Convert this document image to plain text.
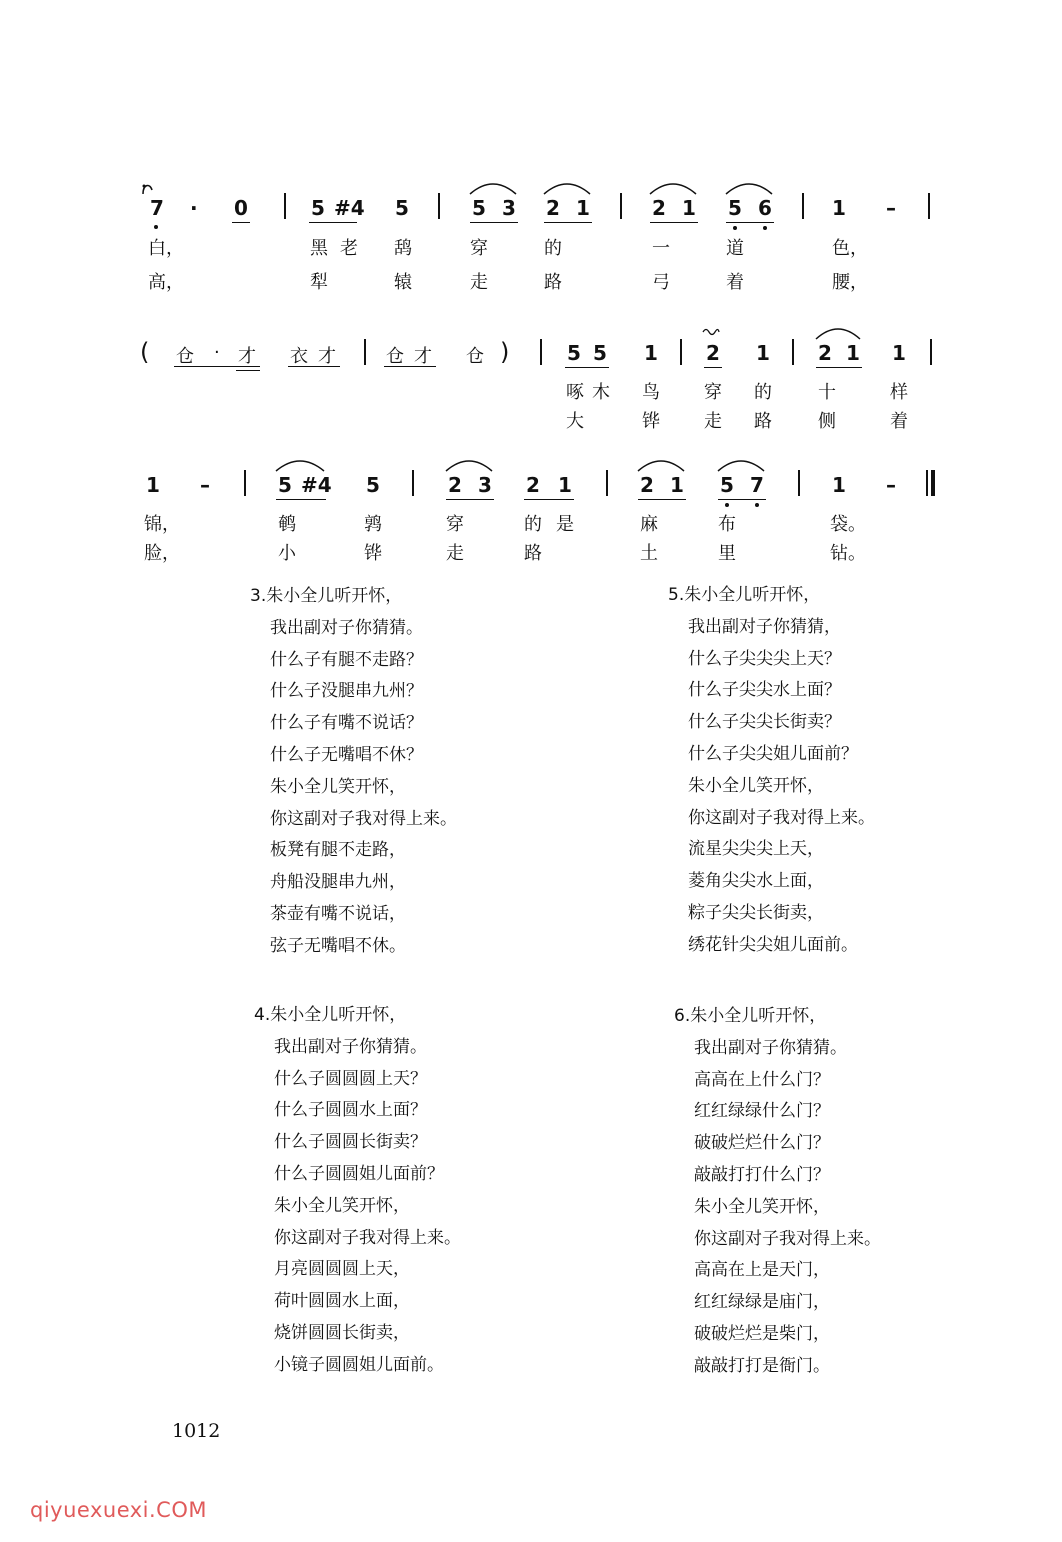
7 · 0	5 #4 5	5 3 2 1	2 1 5 6	1 –
白，	黑 老 鸹	穿	的	一	道	色，
高，	犁	辕	走	路	弓	着	腰，
( 仓 · 才 衣 才	仓 才 仓 )	5 5 1 2 1 2 1 1
啄 木 鸟 穿 的	十	样
大	铧 走 路	侧	着
1 –	5 #4 5	2 3 2 1	2 1 5 7	1 –
锦，	鹌	鹑	穿	的 是	麻	布	袋。
脸，	小	铧	走	路	土	里	钻。
3.朱小全儿听开怀，
我出副对子你猜猜。
什么子有腿不走路？
什么子没腿串九州？
什么子有嘴不说话？
什么子无嘴唱不休？
朱小全儿笑开怀，
你这副对子我对得上来。
板凳有腿不走路，
舟船没腿串九州，
茶壶有嘴不说话，
弦子无嘴唱不休。
5.朱小全儿听开怀，
我出副对子你猜猜，
什么子尖尖尖上天？
什么子尖尖水上面？
什么子尖尖长街卖？
什么子尖尖姐儿面前？
朱小全儿笑开怀，
你这副对子我对得上来。
流星尖尖尖上天，
菱角尖尖水上面，
粽子尖尖长街卖，
绣花针尖尖姐儿面前。
4.朱小全儿听开怀，
我出副对子你猜猜。
什么子圆圆圆上天？
什么子圆圆水上面？
什么子圆圆长街卖？
什么子圆圆姐儿面前？
朱小全儿笑开怀，
你这副对子我对得上来。
月亮圆圆圆上天，
荷叶圆圆水上面，
烧饼圆圆长街卖，
小镜子圆圆姐儿面前。
6.朱小全儿听开怀，
我出副对子你猜猜。
高高在上什么门？
红红绿绿什么门？
破破烂烂什么门？
敲敲打打什么门？
朱小全儿笑开怀，
你这副对子我对得上来。
高高在上是天门，
红红绿绿是庙门，
破破烂烂是柴门，
敲敲打打是衙门。
1012
qiyuexuexi.COM
